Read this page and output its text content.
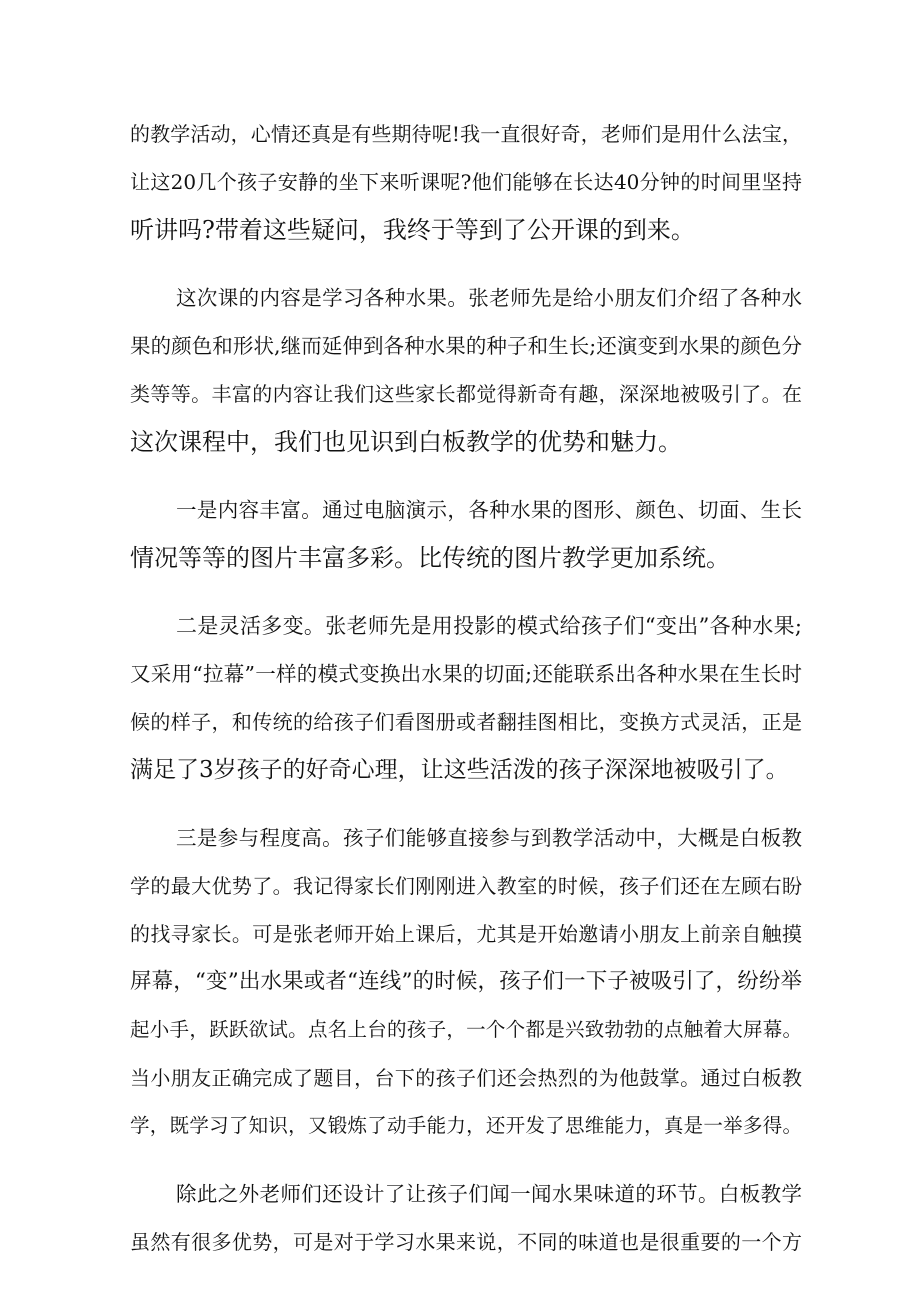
的教学活动，心情还真是有些期待呢!我一直很好奇，老师们是用什么法宝，
让这20几个孩子安静的坐下来听课呢?他们能够在长达40分钟的时间里坚持
听讲吗?带着这些疑问，我终于等到了公开课的到来。
这次课的内容是学习各种水果。张老师先是给小朋友们介绍了各种水
果的颜色和形状,继而延伸到各种水果的种子和生长;还演变到水果的颜色分
类等等。丰富的内容让我们这些家长都觉得新奇有趣，深深地被吸引了。在
这次课程中，我们也见识到白板教学的优势和魅力。
一是内容丰富。通过电脑演示，各种水果的图形、颜色、切面、生长
情况等等的图片丰富多彩。比传统的图片教学更加系统。
二是灵活多变。张老师先是用投影的模式给孩子们“变出”各种水果;
又采用“拉幕”一样的模式变换出水果的切面;还能联系出各种水果在生长时
候的样子，和传统的给孩子们看图册或者翻挂图相比，变换方式灵活，正是
满足了3岁孩子的好奇心理，让这些活泼的孩子深深地被吸引了。
三是参与程度高。孩子们能够直接参与到教学活动中，大概是白板教
学的最大优势了。我记得家长们刚刚进入教室的时候，孩子们还在左顾右盼
的找寻家长。可是张老师开始上课后，尤其是开始邀请小朋友上前亲自触摸
屏幕，“变”出水果或者“连线”的时候，孩子们一下子被吸引了，纷纷举
起小手，跃跃欲试。点名上台的孩子，一个个都是兴致勃勃的点触着大屏幕。
当小朋友正确完成了题目，台下的孩子们还会热烈的为他鼓掌。通过白板教
学，既学习了知识，又锻炼了动手能力，还开发了思维能力，真是一举多得。
除此之外老师们还设计了让孩子们闻一闻水果味道的环节。白板教学
虽然有很多优势，可是对于学习水果来说，不同的味道也是很重要的一个方
